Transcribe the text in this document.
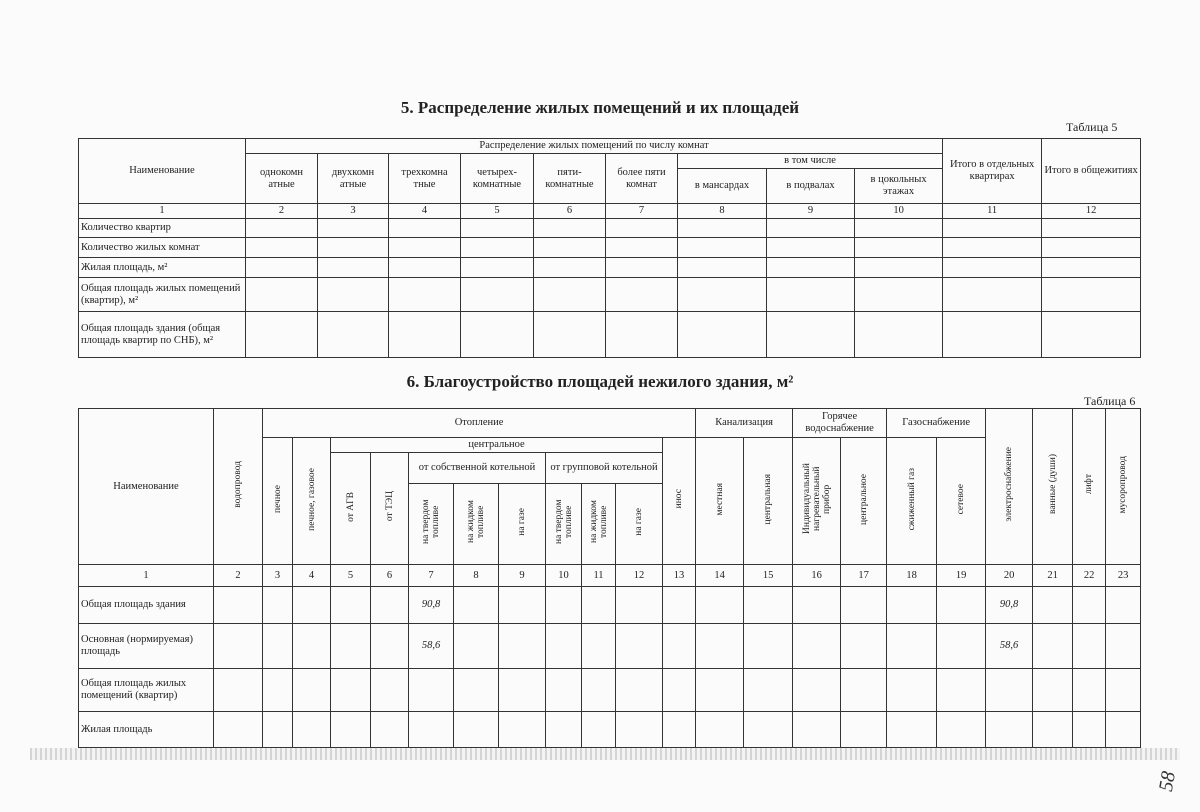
5. Распределение жилых помещений и их площадей
Таблица 5
Наименование	Распределение жилых помещений по числу комнат									Итого в отдельных квартирах	Итого в общежитиях
	однокомн атные	двухкомн атные	трехкомна тные	четырех-комнатные	пяти-комнатные	более пяти комнат	в том числе				
							в мансардах	в подвалах	в цокольных этажах		
1	2	3	4	5	6	7	8	9	10	11	12
Количество квартир											
Количество жилых комнат											
Жилая площадь, м²											
Общая площадь жилых помещений (квартир), м²											
Общая площадь здания (общая площадь квартир по СНБ), м²											
6. Благоустройство площадей нежилого здания, м²
Таблица 6
Наименование	водопровод	Отопление											Канализация		Горячее водоснабжение		Газоснабжение		электроснабжение	ванные (души)	лифт	мусоропровод
		печное	печное, газовое	центральное								инос	местная	центральная	Индивидуальный нагревательный прибор	центральное	сжиженный газ	сетевое				
				от АГВ	от ТЭЦ	от собственной котельной			от групповой котельной													
						на твердом топливе	на жидком топливе	на газе	на твердом топливе	на жидком топливе	на газе											
1	2	3	4	5	6	7	8	9	10	11	12	13	14	15	16	17	18	19	20	21	22	23
Общая площадь здания						90,8													90,8			
Основная (нормируемая) площадь						58,6													58,6			
Общая площадь жилых помещений (квартир)																						
Жилая площадь																						
58
